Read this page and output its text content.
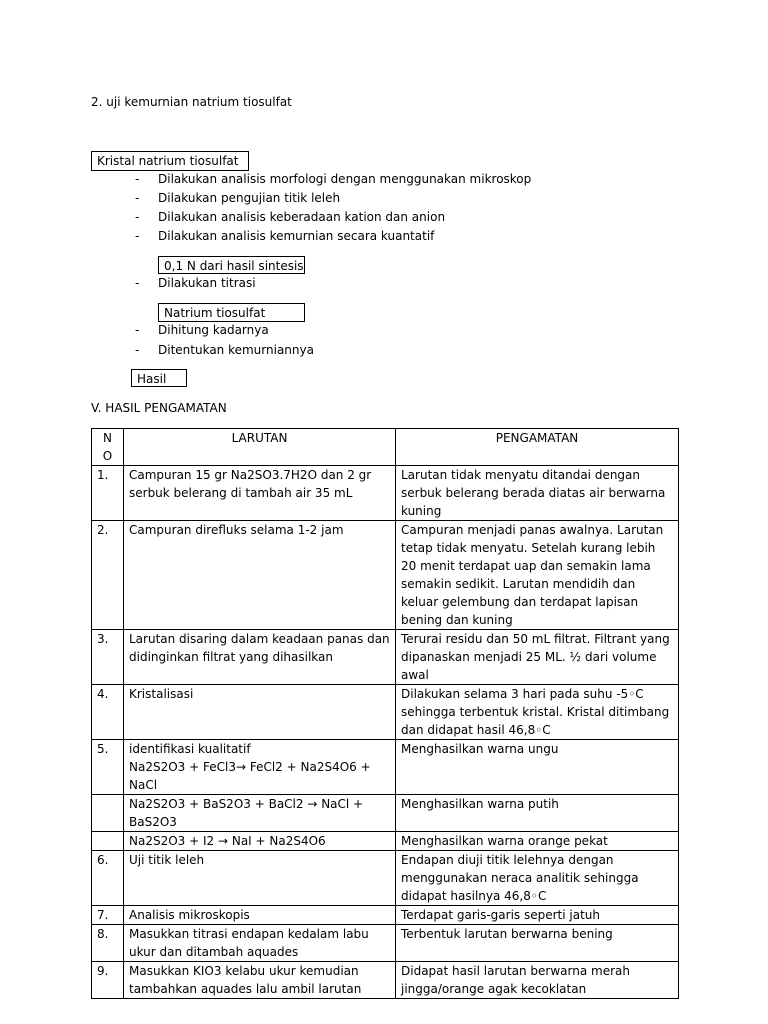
2. uji kemurnian natrium tiosulfat
Kristal natrium tiosulfat
- Dilakukan analisis morfologi dengan menggunakan mikroskop
- Dilakukan pengujian titik leleh
- Dilakukan analisis keberadaan kation dan anion
- Dilakukan analisis kemurnian secara kuantatif
0,1 N dari hasil sintesis
- Dilakukan titrasi
Natrium tiosulfat
- Dihitung kadarnya
- Ditentukan kemurniannya
Hasil
V. HASIL PENGAMATAN
N O	LARUTAN	PENGAMATAN
1.	Campuran 15 gr Na2SO3.7H2O dan 2 gr serbuk belerang di tambah air 35 mL	Larutan tidak menyatu ditandai dengan serbuk belerang berada diatas air berwarna kuning
2.	Campuran direfluks selama 1-2 jam	Campuran menjadi panas awalnya. Larutan tetap tidak menyatu. Setelah kurang lebih 20 menit terdapat uap dan semakin lama semakin sedikit. Larutan mendidih dan keluar gelembung dan terdapat lapisan bening dan kuning
3.	Larutan disaring dalam keadaan panas dan didinginkan filtrat yang dihasilkan	Terurai residu dan 50 mL filtrat. Filtrant yang dipanaskan menjadi 25 ML. ½ dari volume awal
4.	Kristalisasi	Dilakukan selama 3 hari pada suhu -5◦C sehingga terbentuk kristal. Kristal ditimbang dan didapat hasil 46,8◦C
5.	identifikasi kualitatif
Na2S2O3 + FeCl3→ FeCl2 + Na2S4O6 + NaCl	Menghasilkan warna ungu
	Na2S2O3 + BaS2O3 + BaCl2 → NaCl + BaS2O3	Menghasilkan warna putih
	Na2S2O3 + I2 → NaI + Na2S4O6	Menghasilkan warna orange pekat
6.	Uji titik leleh	Endapan diuji titik lelehnya dengan menggunakan neraca analitik sehingga didapat hasilnya 46,8◦C
7.	Analisis mikroskopis	Terdapat garis-garis seperti jatuh
8.	Masukkan titrasi endapan kedalam labu ukur dan ditambah aquades	Terbentuk larutan berwarna bening
9.	Masukkan KIO3 kelabu ukur kemudian tambahkan aquades lalu ambil larutan	Didapat hasil larutan berwarna merah jingga/orange agak kecoklatan
